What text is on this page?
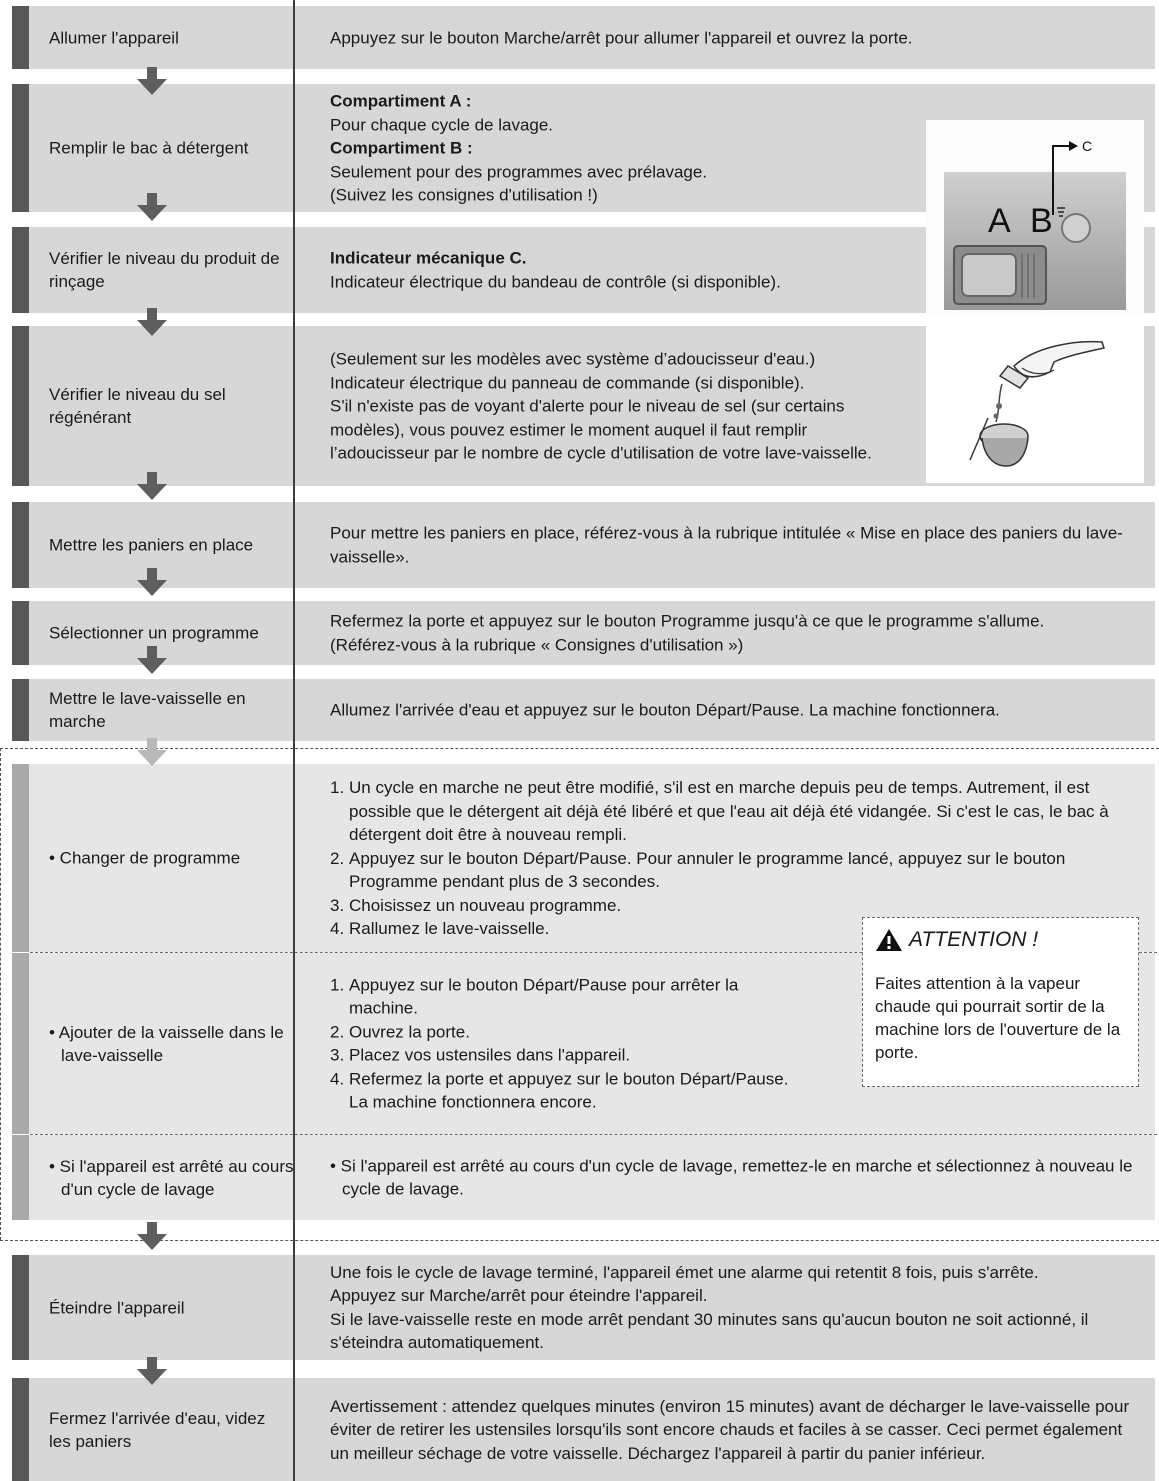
Allumer l'appareil	Appuyez sur le bouton Marche/arrêt pour allumer l'appareil et ouvrez la porte.
Remplir le bac à détergent
Compartiment A :
Pour chaque cycle de lavage.
Compartiment B :
Seulement pour des programmes avec prélavage.
(Suivez les consignes d'utilisation !)
Vérifier le niveau du produit de rinçage
Indicateur mécanique C.
Indicateur électrique du bandeau de contrôle (si disponible).
Vérifier le niveau du sel régénérant
(Seulement sur les modèles avec système d’adoucisseur d'eau.)
Indicateur électrique du panneau de commande (si disponible).
S'il n'existe pas de voyant d'alerte pour le niveau de sel (sur certains
modèles), vous pouvez estimer le moment auquel il faut remplir
l’adoucisseur par le nombre de cycle d'utilisation de votre lave-vaisselle.
Mettre les paniers en place
Pour mettre les paniers en place, référez-vous à la rubrique intitulée « Mise en place des paniers du lave-vaisselle».
Sélectionner un programme
Refermez la porte et appuyez sur le bouton Programme jusqu'à ce que le programme s'allume.
(Référez-vous à la rubrique « Consignes d'utilisation »)
Mettre le lave-vaisselle en marche
Allumez l'arrivée d'eau et appuyez sur le bouton Départ/Pause. La machine fonctionnera.
• Changer de programme
1. Un cycle en marche ne peut être modifié, s'il est en marche depuis peu de temps. Autrement, il est possible que le détergent ait déjà été libéré et que l'eau ait déjà été vidangée. Si c'est le cas, le bac à détergent doit être à nouveau rempli.
2. Appuyez sur le bouton Départ/Pause. Pour annuler le programme lancé, appuyez sur le bouton Programme pendant plus de 3 secondes.
3. Choisissez un nouveau programme.
4. Rallumez le lave-vaisselle.
• Ajouter de la vaisselle dans le lave-vaisselle
1. Appuyez sur le bouton Départ/Pause pour arrêter la machine.
2. Ouvrez la porte.
3. Placez vos ustensiles dans l'appareil.
4. Refermez la porte et appuyez sur le bouton Départ/Pause.
La machine fonctionnera encore.
• Si l'appareil est arrêté au cours d'un cycle de lavage
• Si l'appareil est arrêté au cours d'un cycle de lavage, remettez-le en marche et sélectionnez à nouveau le cycle de lavage.
ATTENTION !
Faites attention à la vapeur chaude qui pourrait sortir de la machine lors de l'ouverture de la porte.
Éteindre l'appareil
Une fois le cycle de lavage terminé, l'appareil émet une alarme qui retentit 8 fois, puis s'arrête.
Appuyez sur Marche/arrêt pour éteindre l'appareil.
Si le lave-vaisselle reste en mode arrêt pendant 30 minutes sans qu'aucun bouton ne soit actionné, il s'éteindra automatiquement.
Fermez l'arrivée d'eau, videz les paniers
Avertissement : attendez quelques minutes (environ 15 minutes) avant de décharger le lave-vaisselle pour éviter de retirer les ustensiles lorsqu'ils sont encore chauds et faciles à se casser. Ceci permet également un meilleur séchage de votre vaisselle. Déchargez l'appareil à partir du panier inférieur.
A B
C
